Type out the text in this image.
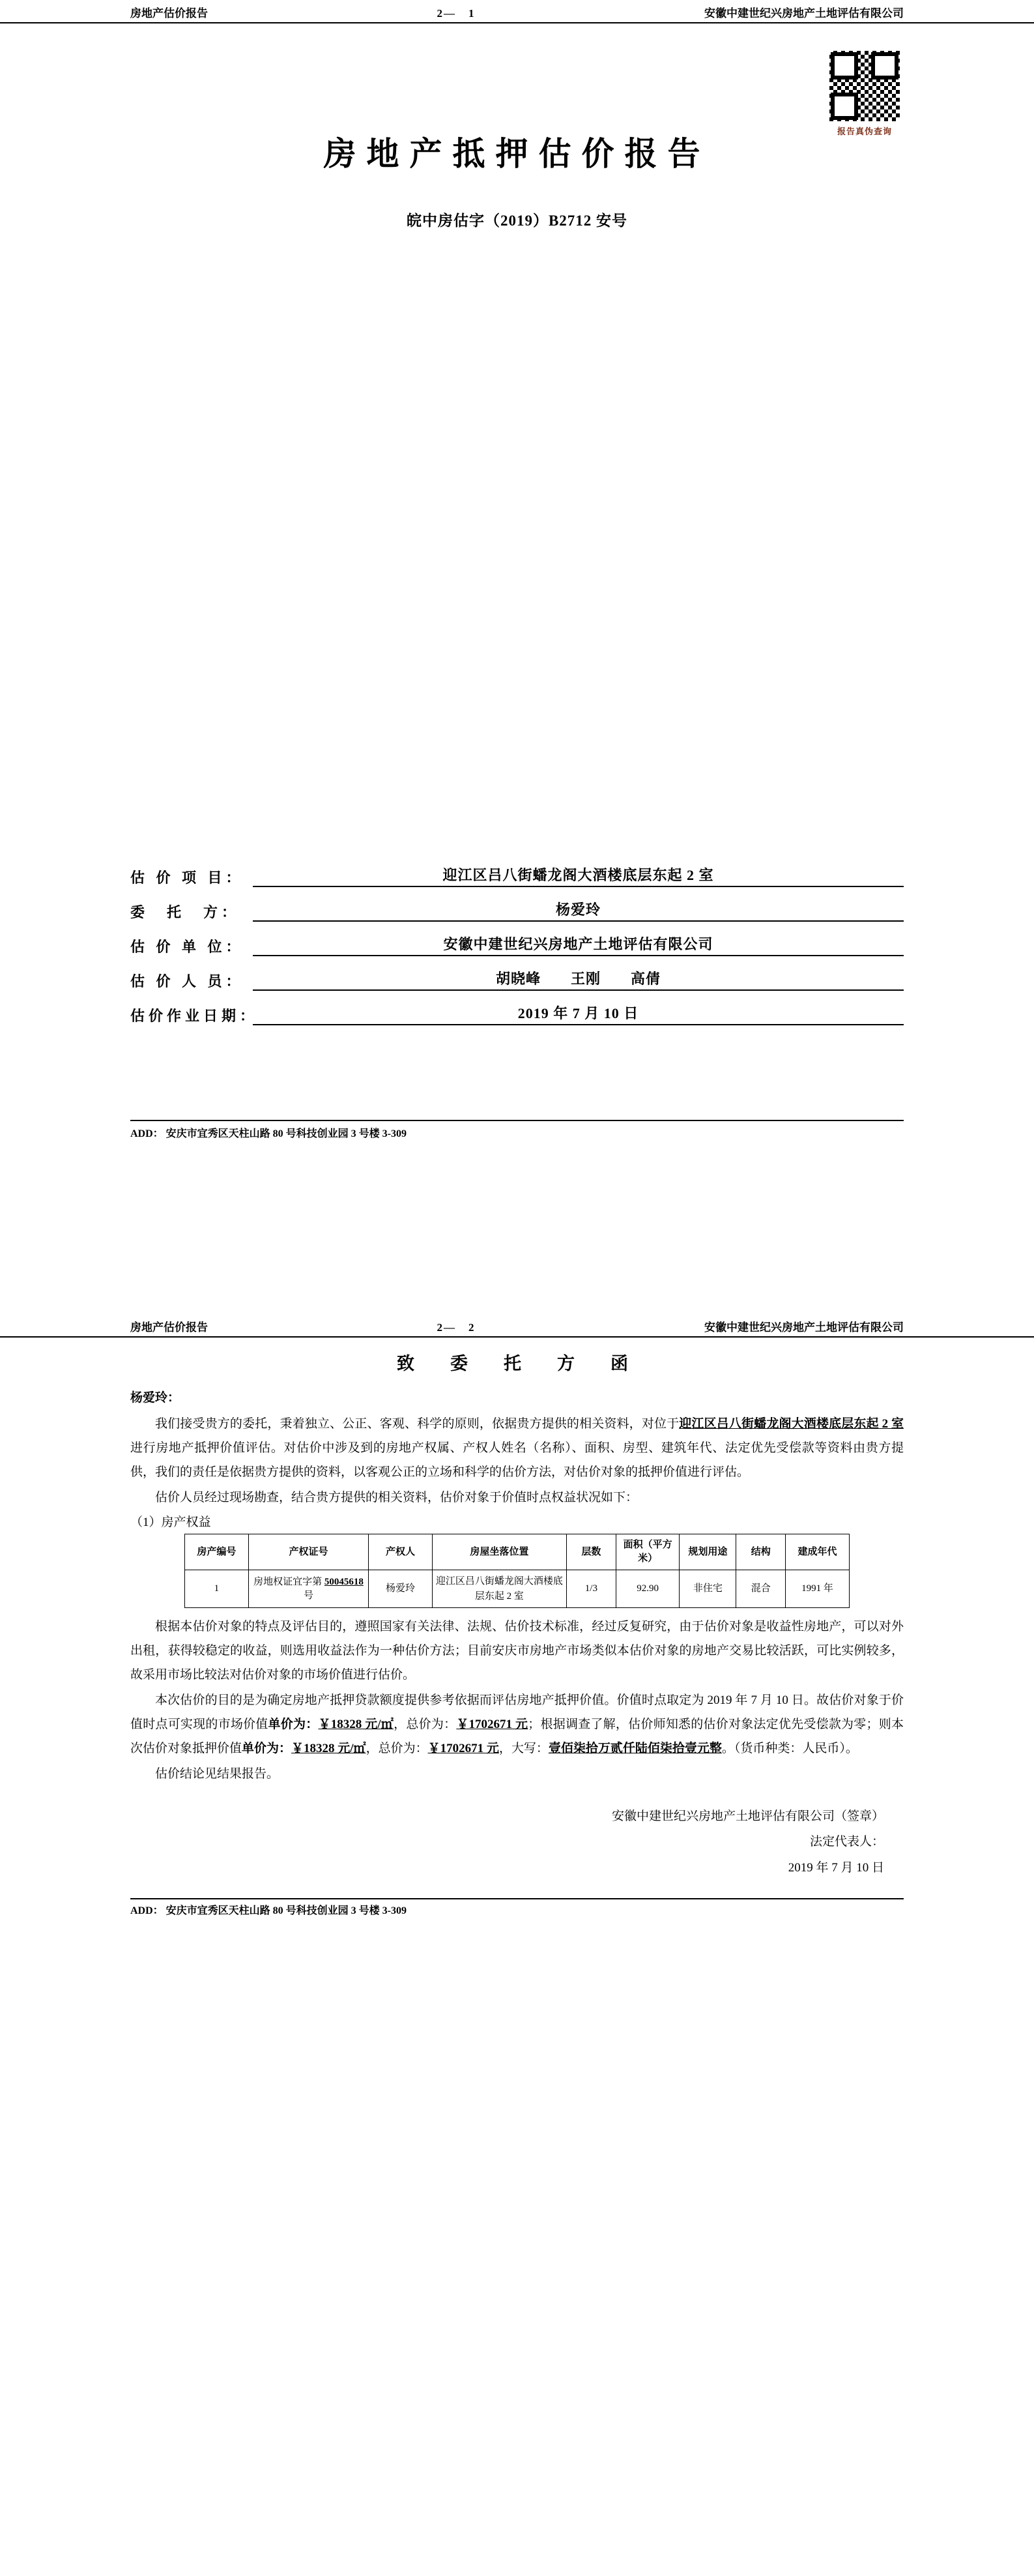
房地产估价报告	2—　1	安徽中建世纪兴房地产土地评估有限公司
报告真伪查询
房地产抵押估价报告
皖中房估字（2019）B2712 安号
估 价 项 目：	迎江区吕八街蟠龙阁大酒楼底层东起 2 室
委　托　方：	杨爱玲
估 价 单 位：	安徽中建世纪兴房地产土地评估有限公司
估 价 人 员：	胡晓峰　　王刚　　高倩
估价作业日期：	2019 年 7 月 10 日
ADD： 安庆市宜秀区天柱山路 80 号科技创业园 3 号楼 3-309
房地产估价报告	2—　2	安徽中建世纪兴房地产土地评估有限公司
致　委　托　方　函
杨爱玲：

我们接受贵方的委托，秉着独立、公正、客观、科学的原则，依据贵方提供的相关资料，对位于迎江区吕八街蟠龙阁大酒楼底层东起 2 室进行房地产抵押价值评估。对估价中涉及到的房地产权属、产权人姓名（名称）、面积、房型、建筑年代、法定优先受偿款等资料由贵方提供，我们的责任是依据贵方提供的资料，以客观公正的立场和科学的估价方法，对估价对象的抵押价值进行评估。

估价人员经过现场勘查，结合贵方提供的相关资料，估价对象于价值时点权益状况如下：

（1）房产权益
房产编号	产权证号	产权人	房屋坐落位置	层数	面积（平方米）	规划用途	结构	建成年代
1	房地权证宜字第 50045618 号	杨爱玲	迎江区吕八街蟠龙阁大酒楼底层东起 2 室	1/3	92.90	非住宅	混合	1991 年

根据本估价对象的特点及评估目的，遵照国家有关法律、法规、估价技术标准，经过反复研究，由于估价对象是收益性房地产，可以对外出租，获得较稳定的收益，则选用收益法作为一种估价方法；目前安庆市房地产市场类似本估价对象的房地产交易比较活跃，可比实例较多，故采用市场比较法对估价对象的市场价值进行估价。

本次估价的目的是为确定房地产抵押贷款额度提供参考依据而评估房地产抵押价值。价值时点取定为 2019 年 7 月 10 日。故估价对象于价值时点可实现的市场价值单价为：￥18328 元/㎡，总价为：￥1702671 元；根据调查了解，估价师知悉的估价对象法定优先受偿款为零；则本次估价对象抵押价值单价为：￥18328 元/㎡，总价为：￥1702671 元，大写：壹佰柒拾万贰仟陆佰柒拾壹元整。（货币种类：人民币）。

估价结论见结果报告。

安徽中建世纪兴房地产土地评估有限公司（签章）
法定代表人：
2019 年 7 月 10 日
ADD： 安庆市宜秀区天柱山路 80 号科技创业园 3 号楼 3-309
